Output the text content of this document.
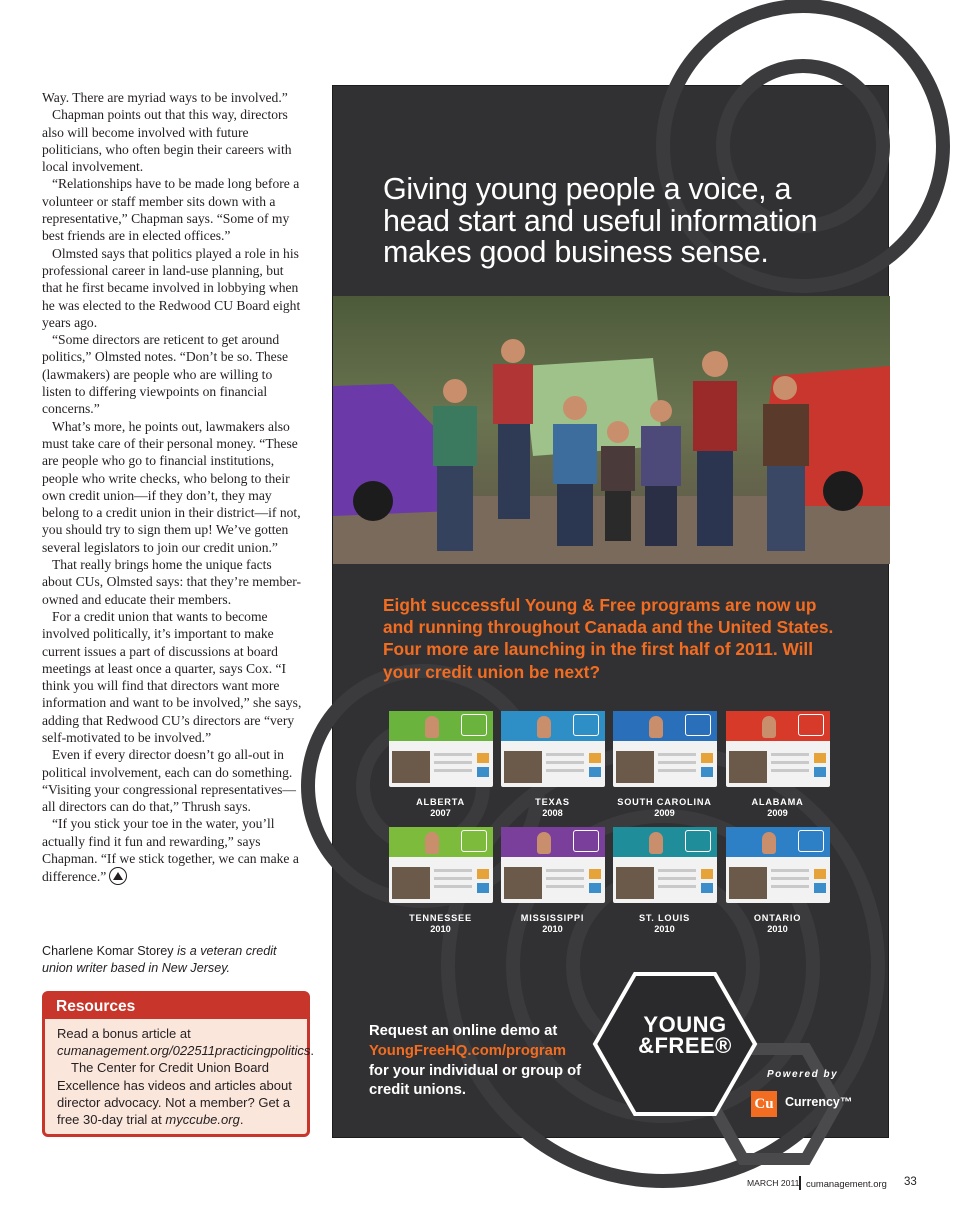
Way. There are myriad ways to be involved.”

Chapman points out that this way, directors also will become involved with future politicians, who often begin their careers with local involvement.

“Relationships have to be made long before a volunteer or staff member sits down with a representative,” Chapman says. “Some of my best friends are in elected offices.”

Olmsted says that politics played a role in his professional career in land-use planning, but that he first became involved in lobbying when he was elected to the Redwood CU Board eight years ago.

“Some directors are reticent to get around politics,” Olmsted notes. “Don’t be so. These (lawmakers) are people who are willing to listen to differing viewpoints on financial concerns.”

What’s more, he points out, lawmakers also must take care of their personal money. “These are people who go to financial institutions, people who write checks, who belong to their own credit union—if they don’t, they may belong to a credit union in their district—if not, you should try to sign them up! We’ve gotten several legislators to join our credit union.”

That really brings home the unique facts about CUs, Olmsted says: that they’re member-owned and educate their members.

For a credit union that wants to become involved politically, it’s important to make current issues a part of discussions at board meetings at least once a quarter, says Cox. “I think you will find that directors want more information and want to be involved,” she says, adding that Redwood CU’s directors are “very self-motivated to be involved.”

Even if every director doesn’t go all-out in political involvement, each can do something. “Visiting your congressional representatives—all directors can do that,” Thrush says.

“If you stick your toe in the water, you’ll actually find it fun and rewarding,” says Chapman. “If we stick together, we can make a difference.”

Charlene Komar Storey is a veteran credit union writer based in New Jersey.
Resources

Read a bonus article at cumanagement.org/022511practicingpolitics.

The Center for Credit Union Board Excellence has videos and articles about director advocacy. Not a member? Get a free 30-day trial at myccube.org.

Giving young people a voice, a head start and useful information makes good business sense.
Eight successful Young & Free programs are now up and running throughout Canada and the United States. Four more are launching in the first half of 2011. Will your credit union be next?
ALBERTA
2007
TEXAS
2008
SOUTH CAROLINA
2009
ALABAMA
2009
TENNESSEE
2010
MISSISSIPPI
2010
ST. LOUIS
2010
ONTARIO
2010
Request an online demo at
YoungFreeHQ.com/program
for your individual or group of credit unions.
YOUNG
&FREE®
Powered by
Cu Currency™
MARCH 2011 cumanagement.org 33
